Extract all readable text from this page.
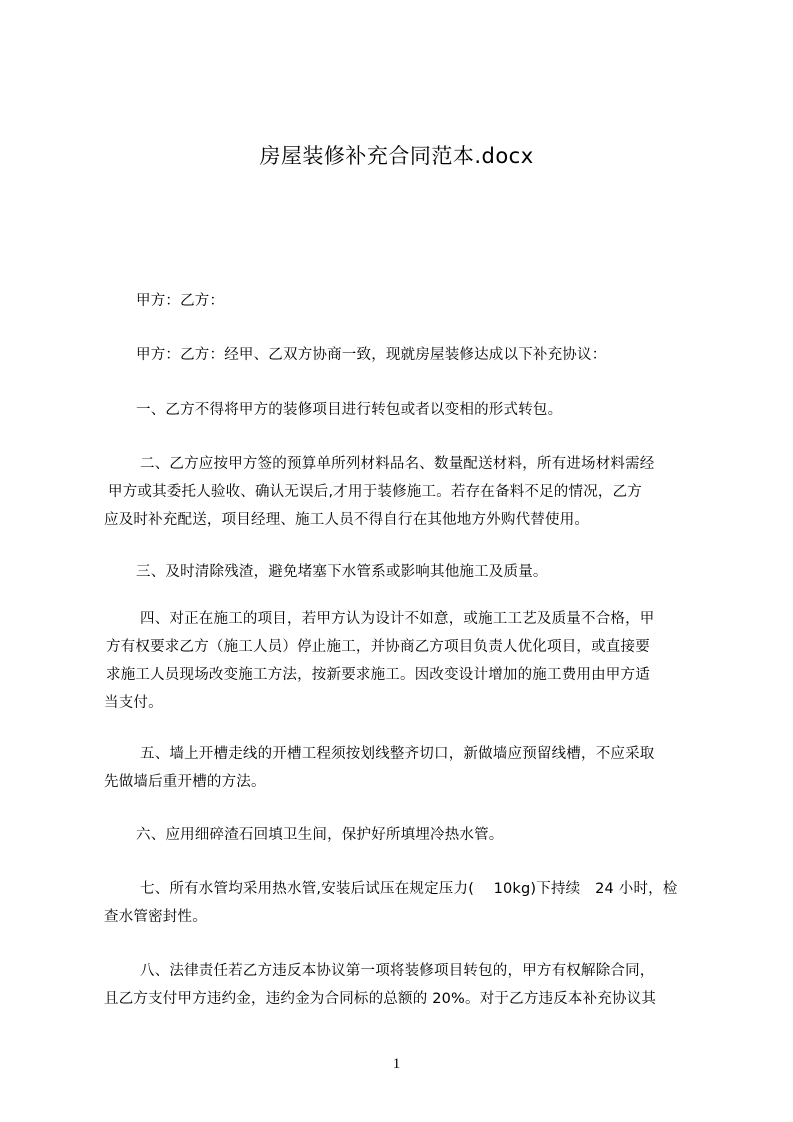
房屋装修补充合同范本.docx
甲方：乙方：
甲方：乙方：经甲、乙双方协商一致，现就房屋装修达成以下补充协议：
一、乙方不得将甲方的装修项目进行转包或者以变相的形式转包。
二、乙方应按甲方签的预算单所列材料品名、数量配送材料，所有进场材料需经
甲方或其委托人验收、确认无误后,才用于装修施工。若存在备料不足的情况，乙方
应及时补充配送，项目经理、施工人员不得自行在其他地方外购代替使用。
三、及时清除残渣，避免堵塞下水管系或影响其他施工及质量。
四、对正在施工的项目，若甲方认为设计不如意，或施工工艺及质量不合格，甲
方有权要求乙方（施工人员）停止施工，并协商乙方项目负责人优化项目，或直接要
求施工人员现场改变施工方法，按新要求施工。因改变设计增加的施工费用由甲方适
当支付。
五、墙上开槽走线的开槽工程须按划线整齐切口，新做墙应预留线槽，不应采取
先做墙后重开槽的方法。
六、应用细碎渣石回填卫生间，保护好所填埋冷热水管。
七、所有水管均采用热水管,安装后试压在规定压力(　 10kg)下持续　24 小时，检
查水管密封性。
八、法律责任若乙方违反本协议第一项将装修项目转包的，甲方有权解除合同，
且乙方支付甲方违约金，违约金为合同标的总额的 20%。对于乙方违反本补充协议其
1
